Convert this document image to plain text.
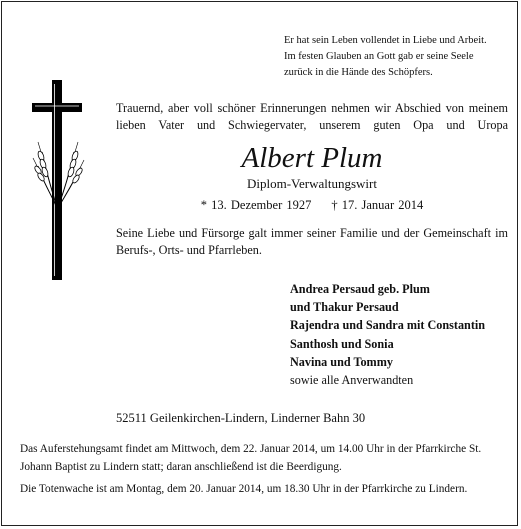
Er hat sein Leben vollendet in Liebe und Arbeit.
Im festen Glauben an Gott gab er seine Seele
zurück in die Hände des Schöpfers.
Trauernd, aber voll schöner Erinnerungen nehmen wir Abschied von meinem lieben Vater und Schwiegervater, unserem guten Opa und Uropa
Albert Plum
Diplom-Verwaltungswirt
* 13. Dezember 1927 † 17. Januar 2014
Seine Liebe und Fürsorge galt immer seiner Familie und der Gemeinschaft im Berufs-, Orts- und Pfarrleben.
Andrea Persaud geb. Plum
und Thakur Persaud
Rajendra und Sandra mit Constantin
Santhosh und Sonia
Navina und Tommy
sowie alle Anverwandten
52511 Geilenkirchen-Lindern, Linderner Bahn 30
Das Auferstehungsamt findet am Mittwoch, dem 22. Januar 2014, um 14.00 Uhr in der Pfarrkirche St. Johann Baptist zu Lindern statt; daran anschließend ist die Beerdigung.
Die Totenwache ist am Montag, dem 20. Januar 2014, um 18.30 Uhr in der Pfarrkirche zu Lindern.
